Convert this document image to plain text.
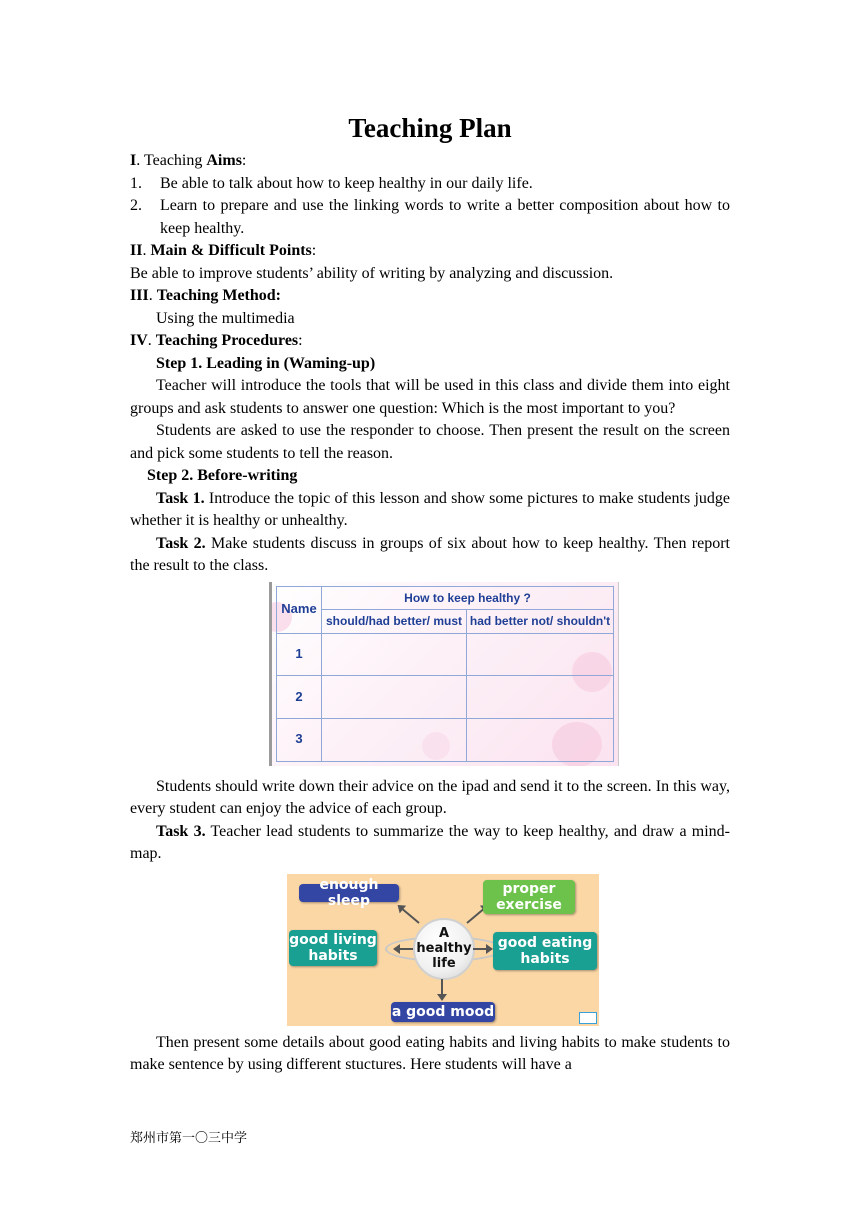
Teaching Plan

I. Teaching Aims:

1.	Be able to talk about how to keep healthy in our daily life.
2.	Learn to prepare and use the linking words to write a better composition about how to keep healthy.

II. Main & Difficult Points:

Be able to improve students’ ability of writing by analyzing and discussion.

III. Teaching Method:

Using the multimedia

IV. Teaching Procedures:

Step 1. Leading in (Waming-up)

Teacher will introduce the tools that will be used in this class and divide them into eight groups and ask students to answer one question: Which is the most important to you?

Students are asked to use the responder to choose. Then present the result on the screen and pick some students to tell the reason.

Step 2. Before-writing

Task 1. Introduce the topic of this lesson and show some pictures to make students judge whether it is healthy or unhealthy.

Task 2. Make students discuss in groups of six about how to keep healthy. Then report the result to the class.

Name	How to keep healthy ?	
	should/had better/ must	had better not/ shouldn't
1		
2		
3		

Students should write down their advice on the ipad and send it to the screen. In this way, every student can enjoy the advice of each group.

Task 3. Teacher lead students to summarize the way to keep healthy, and draw a mind-map.

A
healthy
life
enough sleep
proper
exercise
good living
habits
good eating
habits
a good mood

Then present some details about good eating habits and living habits to make students to make sentence by using different stuctures. Here students will have a

郑州市第一〇三中学
